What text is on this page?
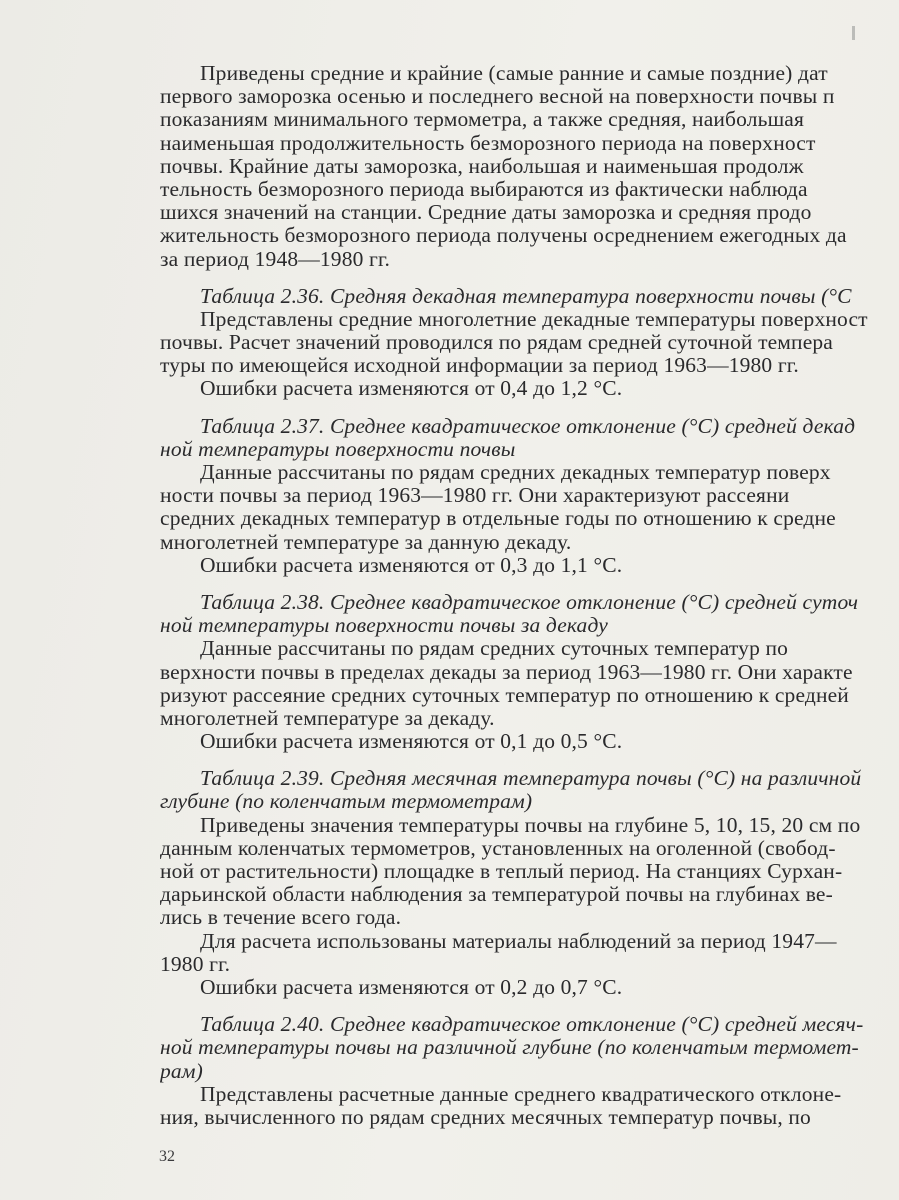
Приведены средние и крайние (самые ранние и самые поздние) дат
первого заморозка осенью и последнего весной на поверхности почвы п
показаниям минимального термометра, а также средняя, наибольшая
наименьшая продолжительность безморозного периода на поверхност
почвы. Крайние даты заморозка, наибольшая и наименьшая продолж
тельность безморозного периода выбираются из фактически наблюда
шихся значений на станции. Средние даты заморозка и средняя продо
жительность безморозного периода получены осреднением ежегодных да
за период 1948—1980 гг.
Таблица 2.36. Средняя декадная температура поверхности почвы (°С
Представлены средние многолетние декадные температуры поверхност
почвы. Расчет значений проводился по рядам средней суточной темпера
туры по имеющейся исходной информации за период 1963—1980 гг.
Ошибки расчета изменяются от 0,4 до 1,2 °С.
Таблица 2.37. Среднее квадратическое отклонение (°С) средней декад
ной температуры поверхности почвы
Данные рассчитаны по рядам средних декадных температур поверх
ности почвы за период 1963—1980 гг. Они характеризуют рассеяни
средних декадных температур в отдельные годы по отношению к средне
многолетней температуре за данную декаду.
Ошибки расчета изменяются от 0,3 до 1,1 °С.
Таблица 2.38. Среднее квадратическое отклонение (°С) средней суточ
ной температуры поверхности почвы за декаду
Данные рассчитаны по рядам средних суточных температур по
верхности почвы в пределах декады за период 1963—1980 гг. Они характе
ризуют рассеяние средних суточных температур по отношению к средней
многолетней температуре за декаду.
Ошибки расчета изменяются от 0,1 до 0,5 °С.
Таблица 2.39. Средняя месячная температура почвы (°С) на различной
глубине (по коленчатым термометрам)
Приведены значения температуры почвы на глубине 5, 10, 15, 20 см по
данным коленчатых термометров, установленных на оголенной (свобод-
ной от растительности) площадке в теплый период. На станциях Сурхан-
дарьинской области наблюдения за температурой почвы на глубинах ве-
лись в течение всего года.
Для расчета использованы материалы наблюдений за период 1947—
1980 гг.
Ошибки расчета изменяются от 0,2 до 0,7 °С.
Таблица 2.40. Среднее квадратическое отклонение (°С) средней месяч-
ной температуры почвы на различной глубине (по коленчатым термомет-
рам)
Представлены расчетные данные среднего квадратического отклоне-
ния, вычисленного по рядам средних месячных температур почвы, по
32
